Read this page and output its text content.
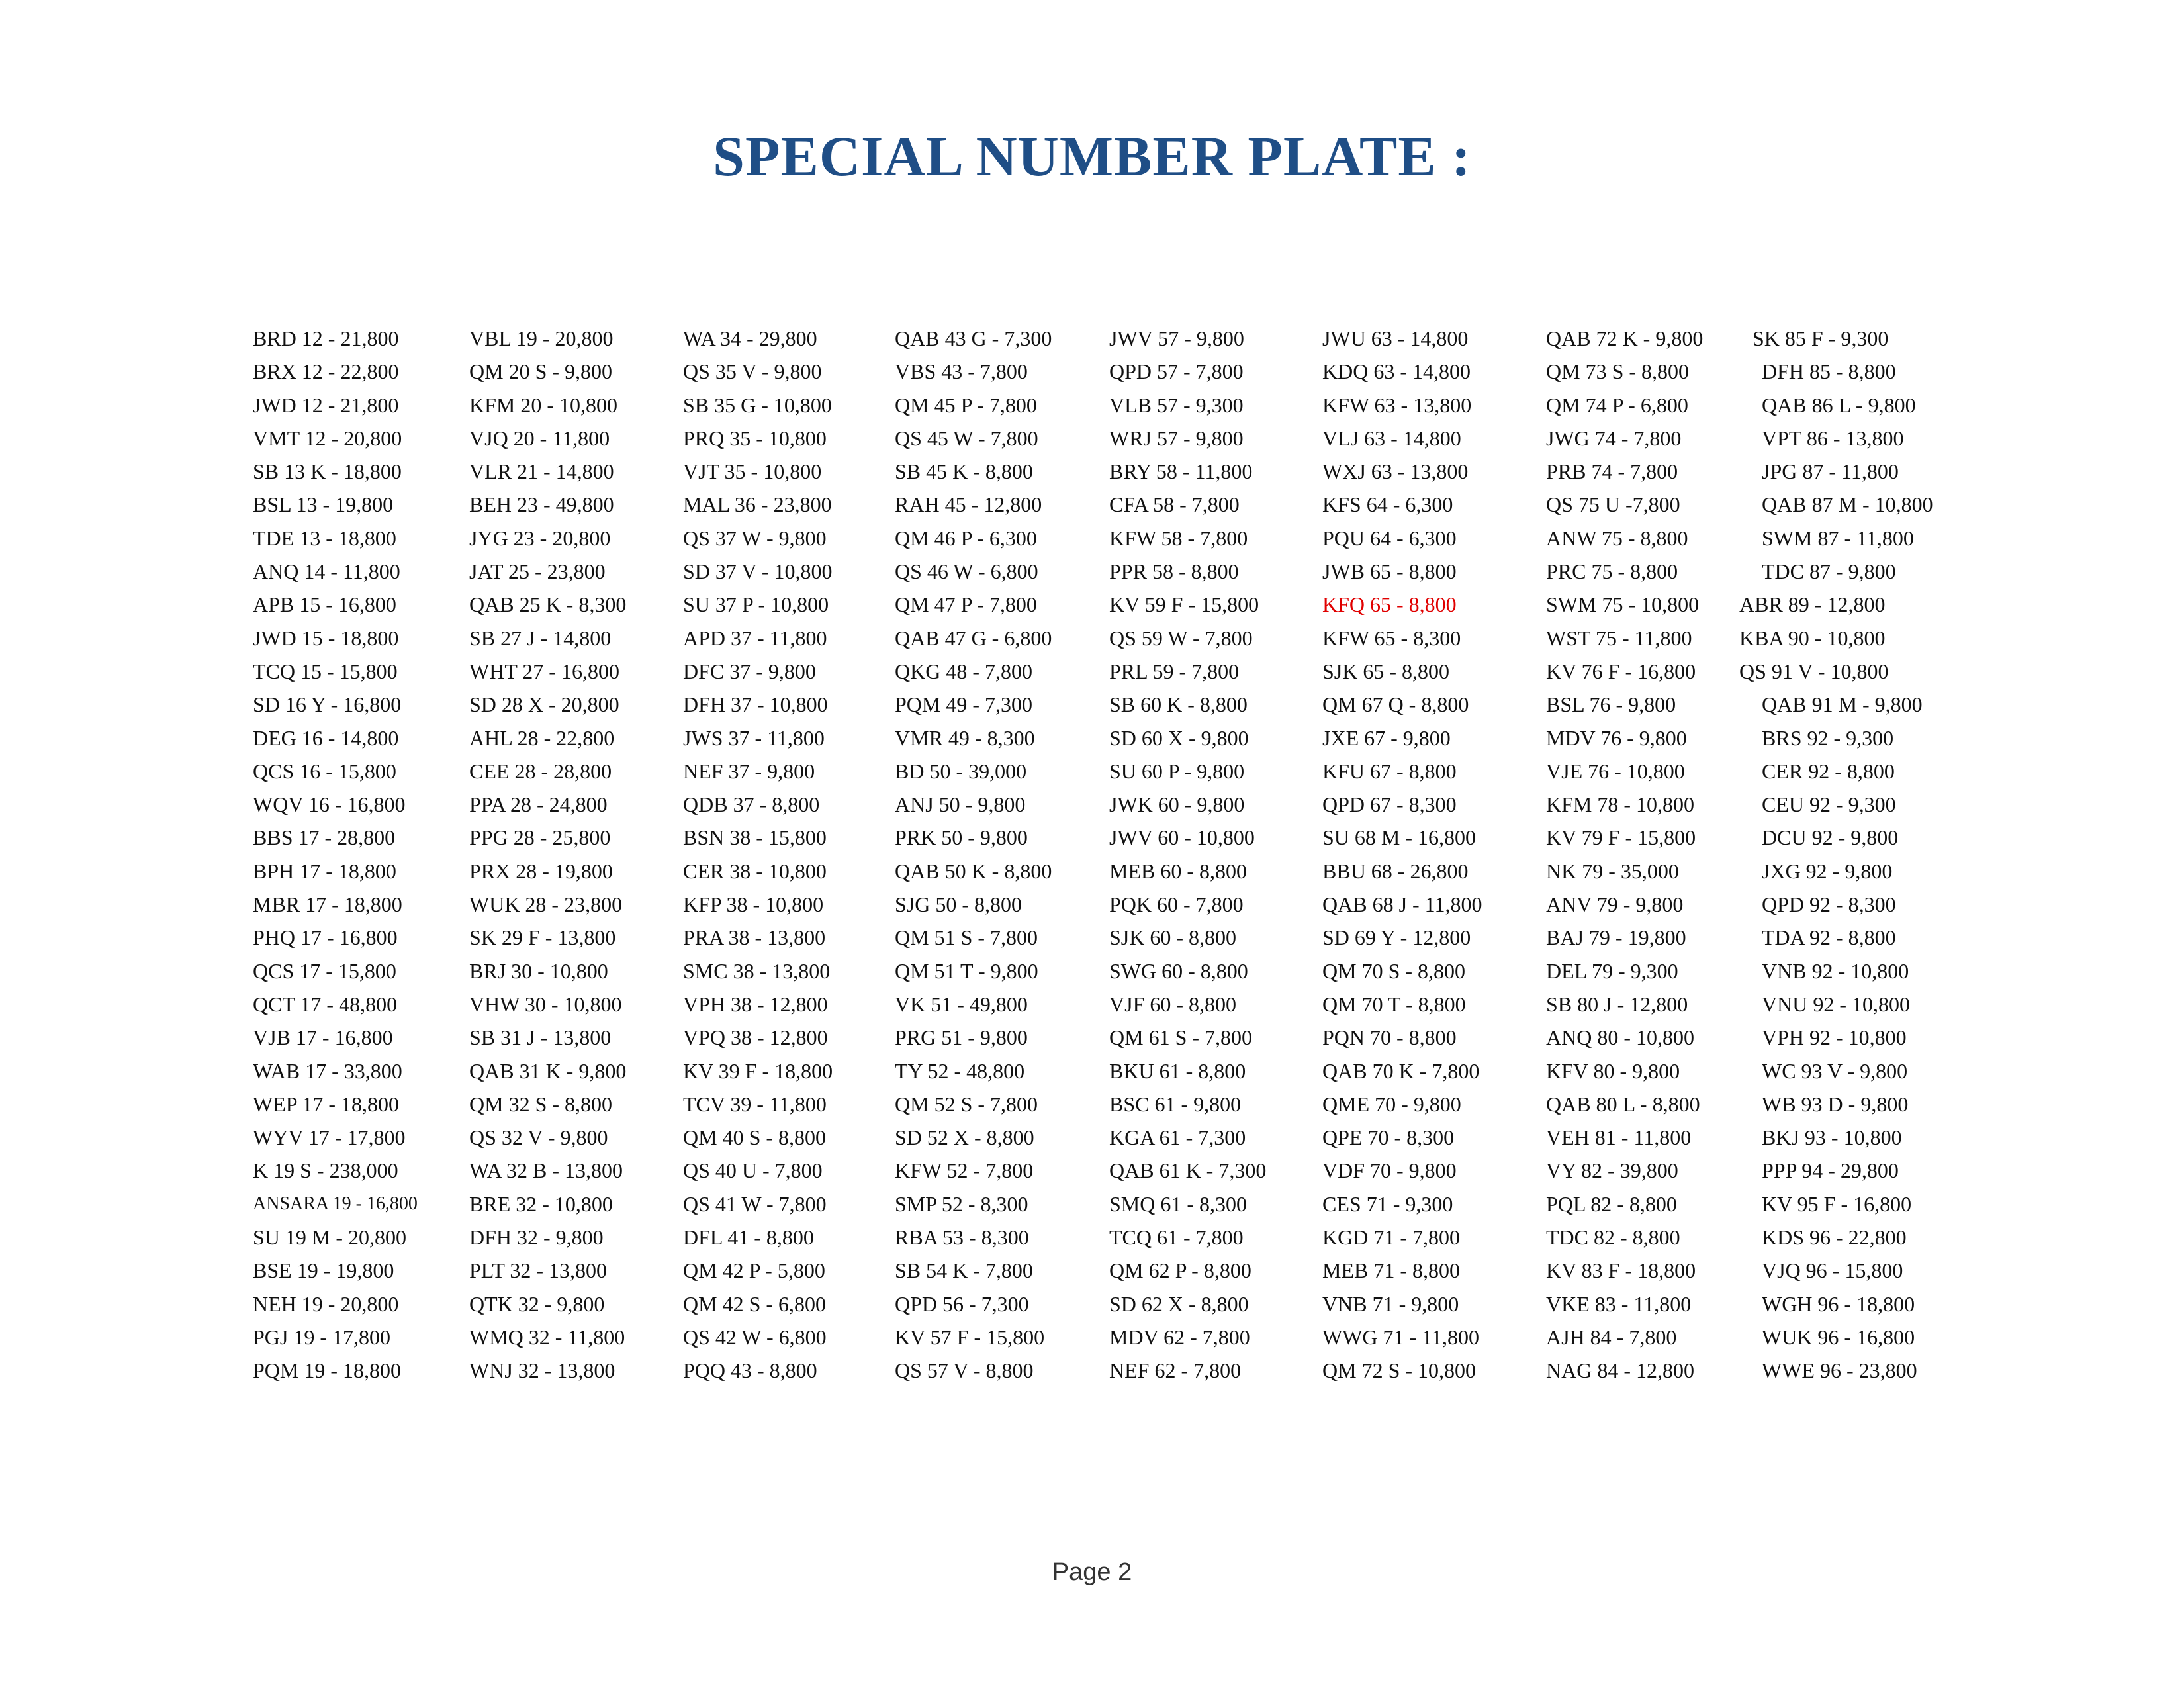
SPECIAL NUMBER PLATE :
BRD 12 - 21,800
BRX 12 - 22,800
JWD 12 - 21,800
VMT 12 - 20,800
SB 13 K - 18,800
BSL 13 - 19,800
TDE 13 - 18,800
ANQ 14 - 11,800
APB 15 - 16,800
JWD 15 - 18,800
TCQ 15 - 15,800
SD 16 Y - 16,800
DEG 16 - 14,800
QCS 16 - 15,800
WQV 16 - 16,800
BBS 17 - 28,800
BPH 17 - 18,800
MBR 17 - 18,800
PHQ 17 - 16,800
QCS 17 - 15,800
QCT 17 - 48,800
VJB 17 - 16,800
WAB 17 - 33,800
WEP 17 - 18,800
WYV 17 - 17,800
K 19 S - 238,000
ANSARA 19 - 16,800
SU 19 M - 20,800
BSE 19 - 19,800
NEH 19 - 20,800
PGJ 19 - 17,800
PQM 19 - 18,800
VBL 19 - 20,800
QM 20 S - 9,800
KFM 20 - 10,800
VJQ 20 - 11,800
VLR 21 - 14,800
BEH 23 - 49,800
JYG 23 - 20,800
JAT 25 - 23,800
QAB 25 K - 8,300
SB 27 J - 14,800
WHT 27 - 16,800
SD 28 X - 20,800
AHL 28 - 22,800
CEE 28 - 28,800
PPA 28 - 24,800
PPG 28 - 25,800
PRX 28 - 19,800
WUK 28 - 23,800
SK 29 F - 13,800
BRJ 30 - 10,800
VHW 30 - 10,800
SB 31 J - 13,800
QAB 31 K - 9,800
QM 32 S - 8,800
QS 32 V - 9,800
WA 32 B - 13,800
BRE 32 - 10,800
DFH 32 - 9,800
PLT 32 - 13,800
QTK 32 - 9,800
WMQ 32 - 11,800
WNJ 32 - 13,800
WA 34 - 29,800
QS 35 V - 9,800
SB 35 G - 10,800
PRQ 35 - 10,800
VJT 35 - 10,800
MAL 36 - 23,800
QS 37 W - 9,800
SD 37 V - 10,800
SU 37 P - 10,800
APD 37 - 11,800
DFC 37 - 9,800
DFH 37 - 10,800
JWS 37 - 11,800
NEF 37 - 9,800
QDB 37 - 8,800
BSN 38 - 15,800
CER 38 - 10,800
KFP 38 - 10,800
PRA 38 - 13,800
SMC 38 - 13,800
VPH 38 - 12,800
VPQ 38 - 12,800
KV 39 F - 18,800
TCV 39 - 11,800
QM 40 S - 8,800
QS 40 U - 7,800
QS 41 W - 7,800
DFL 41 - 8,800
QM 42 P - 5,800
QM 42 S - 6,800
QS 42 W - 6,800
PQQ 43 - 8,800
QAB 43 G - 7,300
VBS 43 - 7,800
QM 45 P - 7,800
QS 45 W - 7,800
SB 45 K - 8,800
RAH 45 - 12,800
QM 46 P - 6,300
QS 46 W - 6,800
QM 47 P - 7,800
QAB 47 G - 6,800
QKG 48 - 7,800
PQM 49 - 7,300
VMR 49 - 8,300
BD 50 - 39,000
ANJ 50 - 9,800
PRK 50 - 9,800
QAB 50 K - 8,800
SJG 50 - 8,800
QM 51 S - 7,800
QM 51 T - 9,800
VK 51 - 49,800
PRG 51 - 9,800
TY 52 - 48,800
QM 52 S - 7,800
SD 52 X - 8,800
KFW 52 - 7,800
SMP 52 - 8,300
RBA 53 - 8,300
SB 54 K - 7,800
QPD 56 - 7,300
KV 57 F - 15,800
QS 57 V - 8,800
JWV 57 - 9,800
QPD 57 - 7,800
VLB 57 - 9,300
WRJ 57 - 9,800
BRY 58 - 11,800
CFA 58 - 7,800
KFW 58 - 7,800
PPR 58 - 8,800
KV 59 F - 15,800
QS 59 W - 7,800
PRL 59 - 7,800
SB 60 K - 8,800
SD 60 X - 9,800
SU 60 P - 9,800
JWK 60 - 9,800
JWV 60 - 10,800
MEB 60 - 8,800
PQK 60 - 7,800
SJK 60 - 8,800
SWG 60 - 8,800
VJF 60 - 8,800
QM 61 S - 7,800
BKU 61 - 8,800
BSC 61 - 9,800
KGA 61 - 7,300
QAB 61 K - 7,300
SMQ 61 - 8,300
TCQ 61 - 7,800
QM 62 P - 8,800
SD 62 X - 8,800
MDV 62 - 7,800
NEF 62 - 7,800
JWU 63 - 14,800
KDQ 63 - 14,800
KFW 63 - 13,800
VLJ 63 - 14,800
WXJ 63 - 13,800
KFS 64 - 6,300
PQU 64 - 6,300
JWB 65 - 8,800
KFQ 65 - 8,800
KFW 65 - 8,300
SJK 65 - 8,800
QM 67 Q - 8,800
JXE 67 - 9,800
KFU 67 - 8,800
QPD 67 - 8,300
SU 68 M - 16,800
BBU 68 - 26,800
QAB 68 J - 11,800
SD 69 Y - 12,800
QM 70 S - 8,800
QM 70 T - 8,800
PQN 70 - 8,800
QAB 70 K - 7,800
QME 70 - 9,800
QPE 70 - 8,300
VDF 70 - 9,800
CES 71 - 9,300
KGD 71 - 7,800
MEB 71 - 8,800
VNB 71 - 9,800
WWG 71 - 11,800
QM 72 S - 10,800
QAB 72 K - 9,800
QM 73 S - 8,800
QM 74 P - 6,800
JWG 74 - 7,800
PRB 74 - 7,800
QS 75 U -7,800
ANW 75 - 8,800
PRC 75 - 8,800
SWM 75 - 10,800
WST 75 - 11,800
KV 76 F - 16,800
BSL 76 - 9,800
MDV 76 - 9,800
VJE 76 - 10,800
KFM 78 - 10,800
KV 79 F - 15,800
NK 79 - 35,000
ANV 79 - 9,800
BAJ 79 - 19,800
DEL 79 - 9,300
SB 80 J - 12,800
ANQ 80 - 10,800
KFV 80 - 9,800
QAB 80 L - 8,800
VEH 81 - 11,800
VY 82 - 39,800
PQL 82 - 8,800
TDC 82 - 8,800
KV 83 F - 18,800
VKE 83 - 11,800
AJH 84 - 7,800
NAG 84 - 12,800
SK 85 F - 9,300
DFH 85 - 8,800
QAB 86 L - 9,800
VPT 86 - 13,800
JPG 87 - 11,800
QAB 87 M - 10,800
SWM 87 - 11,800
TDC 87 - 9,800
ABR 89 - 12,800
KBA 90 - 10,800
QS 91 V - 10,800
QAB 91 M - 9,800
BRS 92 - 9,300
CER 92 - 8,800
CEU 92 - 9,300
DCU 92 - 9,800
JXG 92 - 9,800
QPD 92 - 8,300
TDA 92 - 8,800
VNB 92 - 10,800
VNU 92 - 10,800
VPH 92 - 10,800
WC 93 V - 9,800
WB 93 D - 9,800
BKJ 93 - 10,800
PPP 94 - 29,800
KV 95 F - 16,800
KDS 96 - 22,800
VJQ 96 - 15,800
WGH 96 - 18,800
WUK 96 - 16,800
WWE 96 - 23,800
Page 2
